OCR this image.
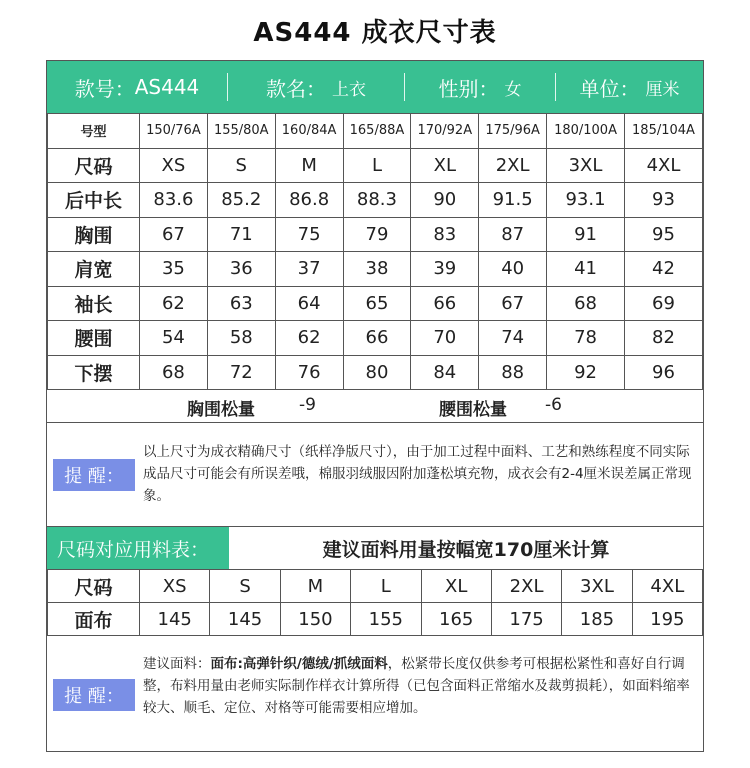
AS444 成衣尺寸表
款号： AS444	款名： 上衣	性别： 女	单位： 厘米
号型	150/76A	155/80A	160/84A	165/88A	170/92A	175/96A	180/100A	185/104A
尺码	XS	S	M	L	XL	2XL	3XL	4XL
后中长	83.6	85.2	86.8	88.3	90	91.5	93.1	93
胸围	67	71	75	79	83	87	91	95
肩宽	35	36	37	38	39	40	41	42
袖长	62	63	64	65	66	67	68	69
腰围	54	58	62	66	70	74	78	82
下摆	68	72	76	80	84	88	92	96
胸围松量	-9	腰围松量 -6
提 醒：
以上尺寸为成衣精确尺寸（纸样净版尺寸），由于加工过程中面料、工艺和熟练程度不同实际成品尺寸可能会有所误差哦，棉服羽绒服因附加蓬松填充物，成衣会有2-4厘米误差属正常现象。
尺码对应用料表：	建议面料用量按幅宽170厘米计算
尺码	XS	S	M	L	XL	2XL	3XL	4XL
面布	145	145	150	155	165	175	185	195
提 醒：
建议面料：面布:高弹针织/德绒/抓绒面料，松紧带长度仅供参考可根据松紧性和喜好自行调整，布料用量由老师实际制作样衣计算所得（已包含面料正常缩水及裁剪损耗），如面料缩率较大、顺毛、定位、对格等可能需要相应增加。
